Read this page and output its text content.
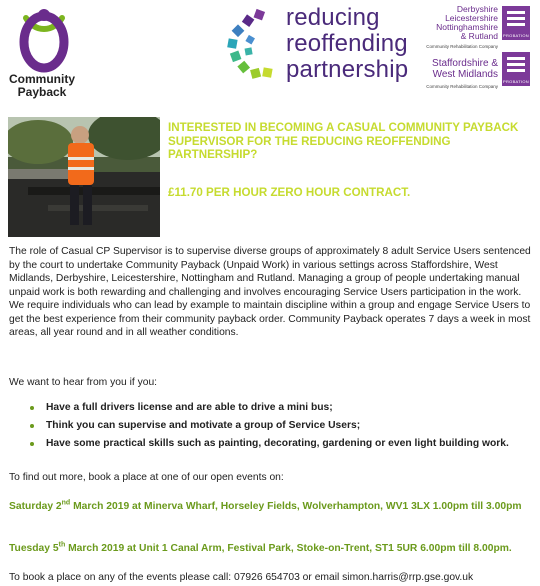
Community
Payback
reducing
reoffending
partnership
Derbyshire
Leicestershire
Nottinghamshire
& Rutland
Community Rehabilitation Company
PROBATION
Staffordshire &
West Midlands
Community Rehabilitation Company
PROBATION
INTERESTED IN BECOMING A CASUAL COMMUNITY PAYBACK SUPERVISOR FOR THE REDUCING REOFFENDING PARTNERSHIP?
£11.70 PER HOUR ZERO HOUR CONTRACT.
The role of Casual CP Supervisor is to supervise diverse groups of approximately 8 adult Service Users sentenced by the court to undertake Community Payback (Unpaid Work) in various settings across Staffordshire, West Midlands, Derbyshire, Leicestershire, Nottingham and Rutland. Managing a group of people undertaking manual unpaid work is both rewarding and challenging and involves encouraging Service Users participation in the work. We require individuals who can lead by example to maintain discipline within a group and engage Service Users to get the best experience from their community payback order. Community Payback operates 7 days a week in most areas, all year round and in all weather conditions.
We want to hear from you if you:
Have a full drivers license and are able to drive a mini bus;
Think you can supervise and motivate a group of Service Users;
Have some practical skills such as painting, decorating, gardening or even light building work.
To find out more, book a place at one of our open events on:
Saturday 2nd March 2019 at Minerva Wharf, Horseley Fields, Wolverhampton, WV1 3LX 1.00pm till 3.00pm
Tuesday 5th March 2019 at Unit 1 Canal Arm, Festival Park, Stoke-on-Trent, ST1 5UR 6.00pm till 8.00pm.
To book a place on any of the events please call: 07926 654703 or email simon.harris@rrp.gse.gov.uk
